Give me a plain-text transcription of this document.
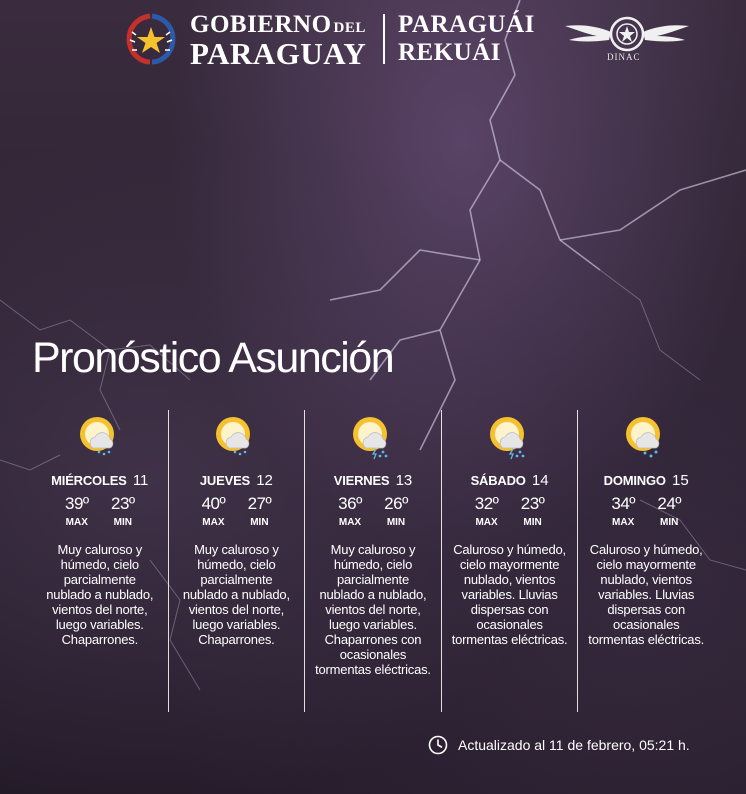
GOBIERNO DEL
PARAGUAY
PARAGUÁI
REKUÁI	DINAC
Pronóstico Asunción
MIÉRCOLES 11
39º
MAX
23º
MIN
Muy caluroso y húmedo, cielo parcialmente nublado a nublado, vientos del norte, luego variables. Chaparrones.
JUEVES 12
40º
MAX
27º
MIN
Muy caluroso y húmedo, cielo parcialmente nublado a nublado, vientos del norte, luego variables. Chaparrones.
VIERNES 13
36º
MAX
26º
MIN
Muy caluroso y húmedo, cielo parcialmente nublado a nublado, vientos del norte, luego variables. Chaparrones con ocasionales tormentas eléctricas.
SÁBADO 14
32º
MAX
23º
MIN
Caluroso y húmedo, cielo mayormente nublado, vientos variables. Lluvias dispersas con ocasionales tormentas eléctricas.
DOMINGO 15
34º
MAX
24º
MIN
Caluroso y húmedo, cielo mayormente nublado, vientos variables. Lluvias dispersas con ocasionales tormentas eléctricas.
Actualizado al 11 de febrero, 05:21 h.
